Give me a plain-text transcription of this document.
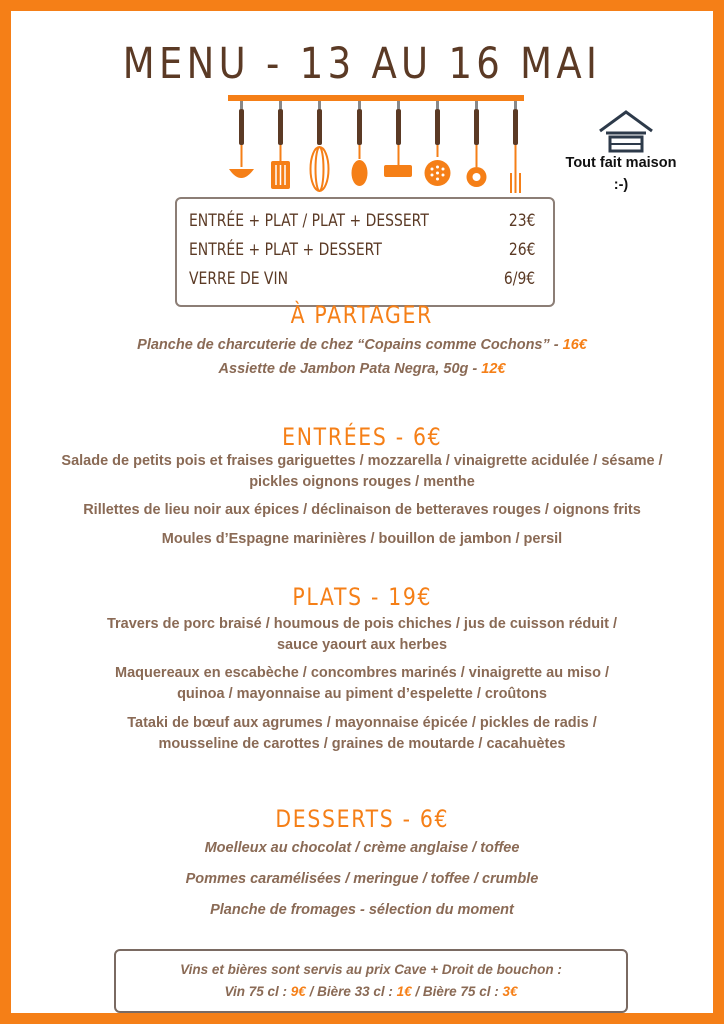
MENU - 13 AU 16 MAI
Tout fait maison
:-)
ENTRÉE + PLAT / PLAT + DESSERT	23€
ENTRÉE + PLAT + DESSERT	26€
VERRE DE VIN	6/9€
À PARTAGER
Planche de charcuterie de chez “Copains comme Cochons” - 16€
Assiette de Jambon Pata Negra, 50g - 12€
ENTRÉES - 6€
Salade de petits pois et fraises gariguettes / mozzarella / vinaigrette acidulée / sésame /
pickles oignons rouges / menthe
Rillettes de lieu noir aux épices / déclinaison de betteraves rouges / oignons frits
Moules d’Espagne marinières / bouillon de jambon / persil
PLATS - 19€
Travers de porc braisé / houmous de pois chiches / jus de cuisson réduit /
sauce yaourt aux herbes
Maquereaux en escabèche / concombres marinés / vinaigrette au miso /
quinoa / mayonnaise au piment d’espelette / croûtons
Tataki de bœuf aux agrumes / mayonnaise épicée / pickles de radis /
mousseline de carottes / graines de moutarde / cacahuètes
DESSERTS - 6€
Moelleux au chocolat / crème anglaise / toffee
Pommes caramélisées / meringue / toffee / crumble
Planche de fromages - sélection du moment
Vins et bières sont servis au prix Cave + Droit de bouchon :
Vin 75 cl : 9€ / Bière 33 cl : 1€ / Bière 75 cl : 3€
